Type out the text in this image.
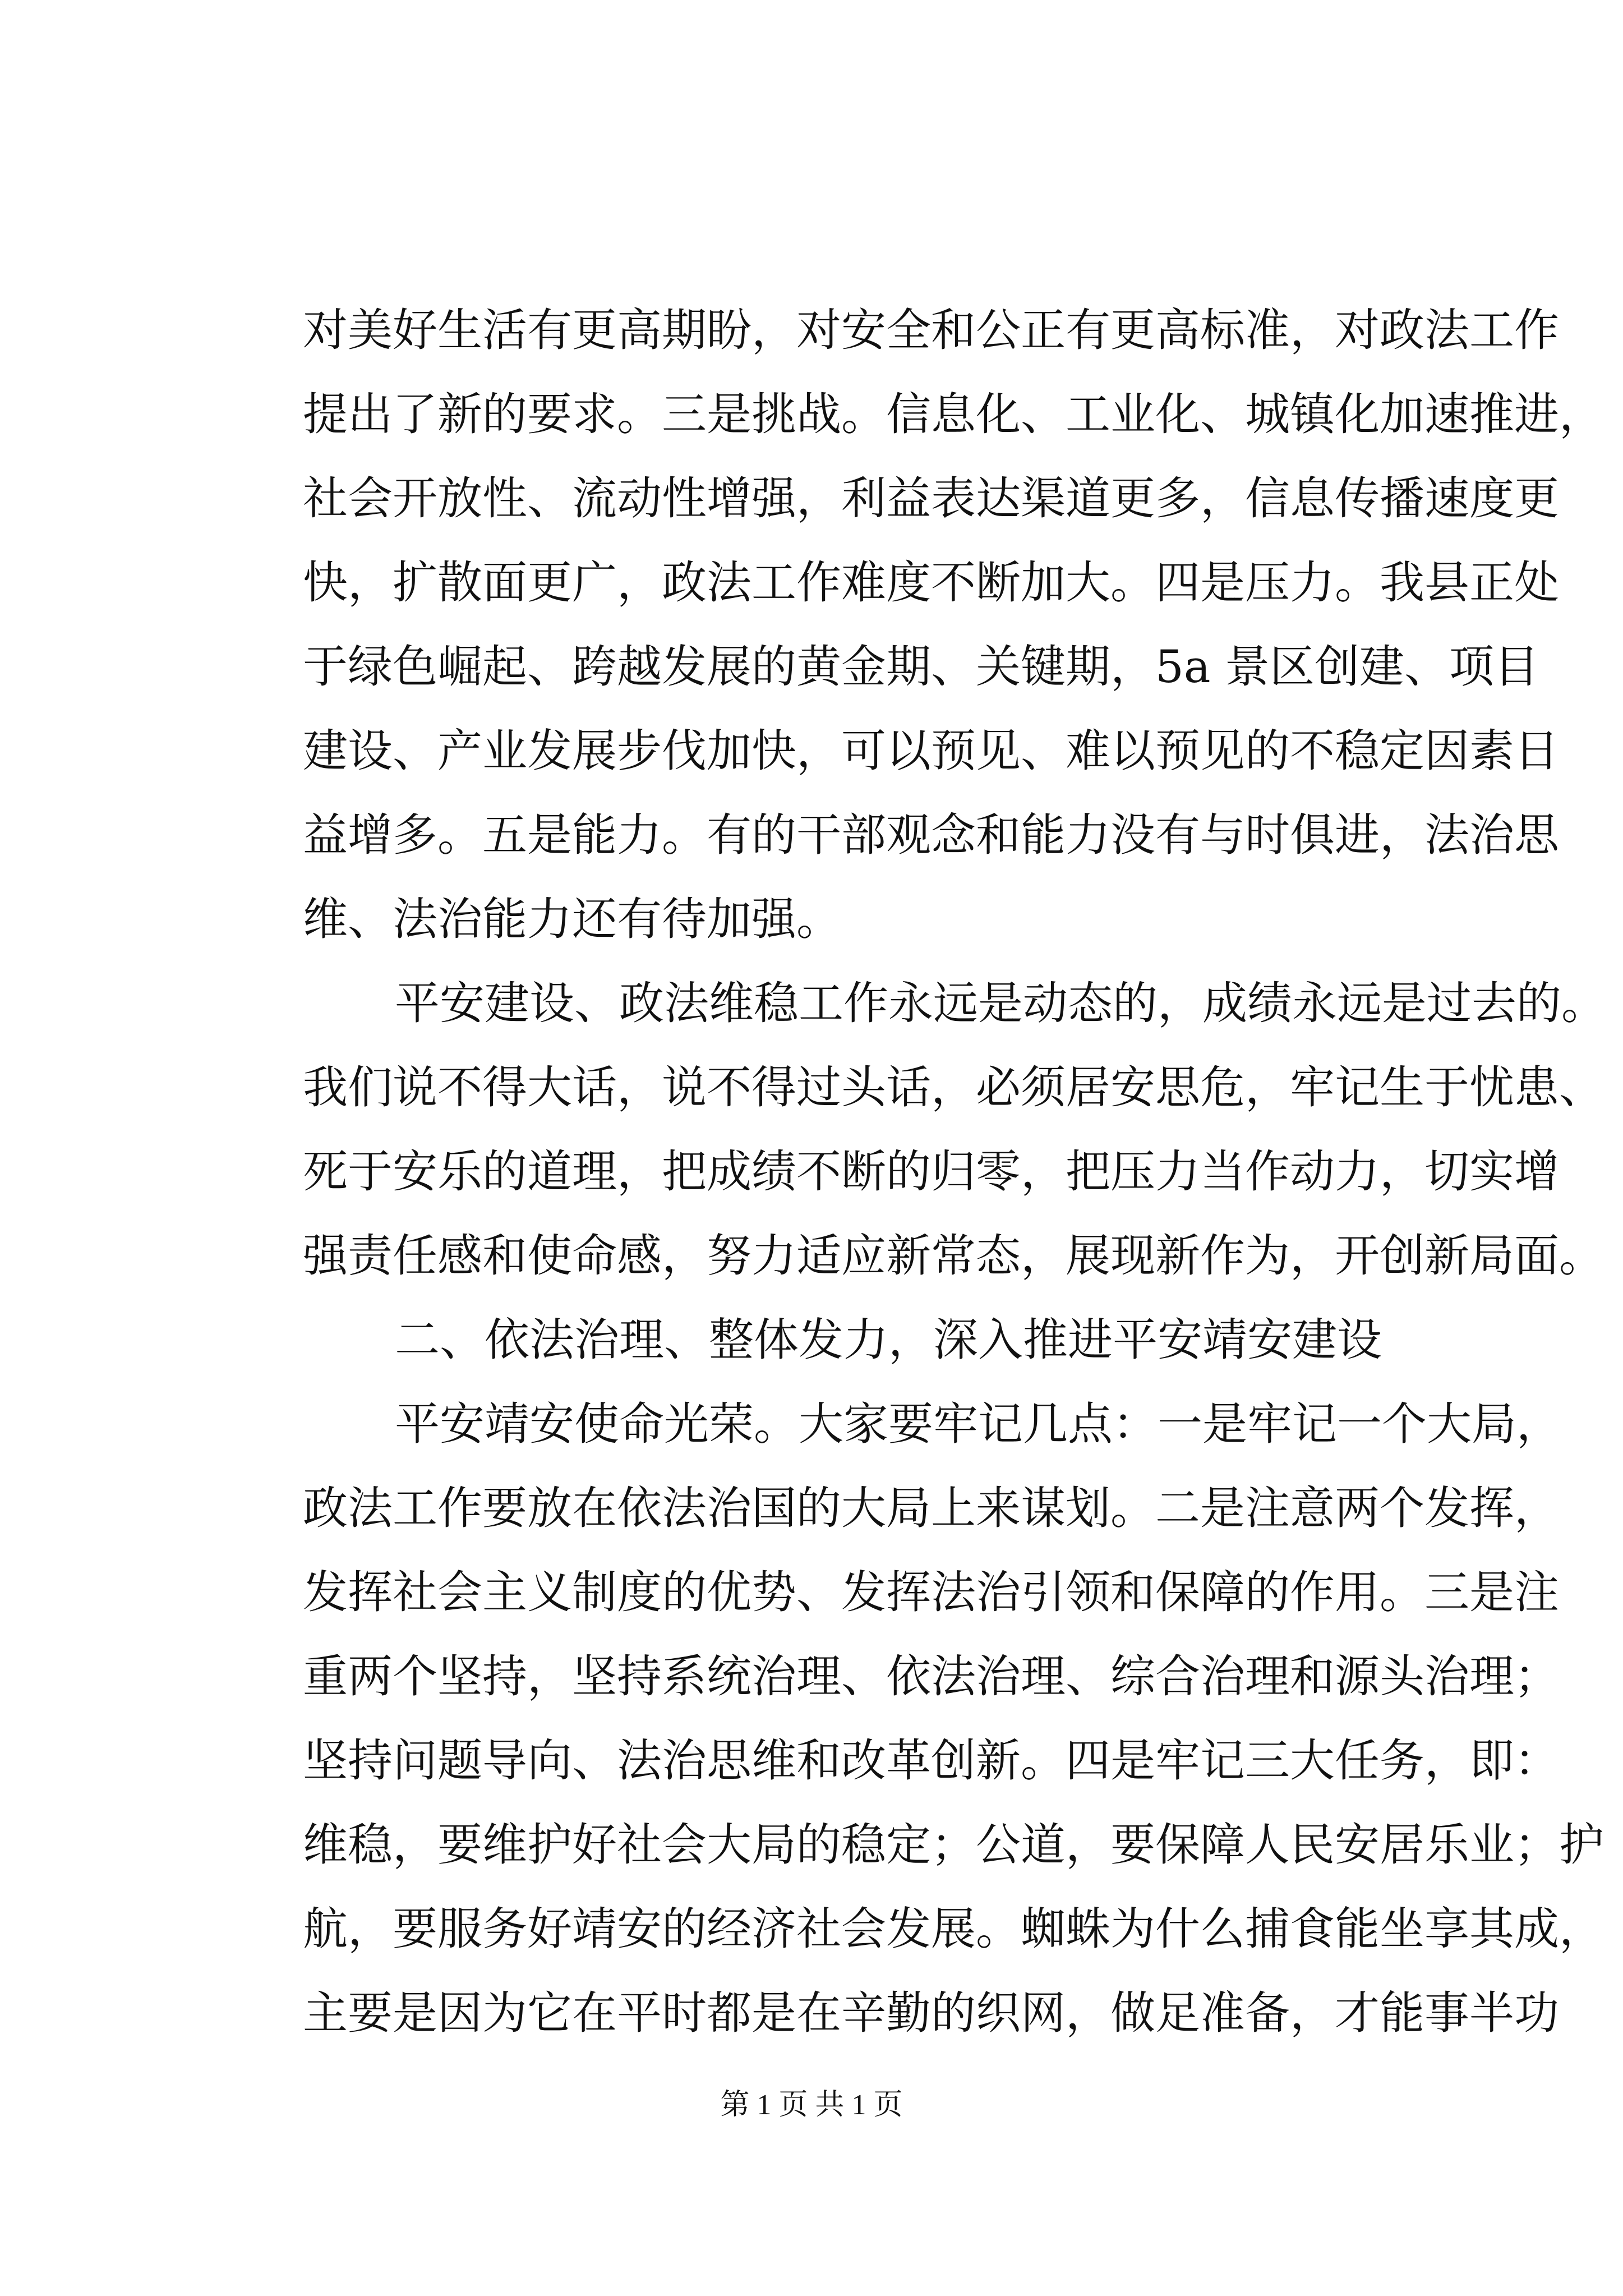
对美好生活有更高期盼，对安全和公正有更高标准，对政法工作
提出了新的要求。三是挑战。信息化、工业化、城镇化加速推进，
社会开放性、流动性增强，利益表达渠道更多，信息传播速度更
快，扩散面更广，政法工作难度不断加大。四是压力。我县正处
于绿色崛起、跨越发展的黄金期、关键期，5a 景区创建、项目
建设、产业发展步伐加快，可以预见、难以预见的不稳定因素日
益增多。五是能力。有的干部观念和能力没有与时俱进，法治思
维、法治能力还有待加强。
平安建设、政法维稳工作永远是动态的，成绩永远是过去的。
我们说不得大话，说不得过头话，必须居安思危，牢记生于忧患、
死于安乐的道理，把成绩不断的归零，把压力当作动力，切实增
强责任感和使命感，努力适应新常态，展现新作为，开创新局面。
二、依法治理、整体发力，深入推进平安靖安建设
平安靖安使命光荣。大家要牢记几点：一是牢记一个大局，
政法工作要放在依法治国的大局上来谋划。二是注意两个发挥，
发挥社会主义制度的优势、发挥法治引领和保障的作用。三是注
重两个坚持，坚持系统治理、依法治理、综合治理和源头治理；
坚持问题导向、法治思维和改革创新。四是牢记三大任务，即：
维稳，要维护好社会大局的稳定；公道，要保障人民安居乐业；护
航，要服务好靖安的经济社会发展。蜘蛛为什么捕食能坐享其成，
主要是因为它在平时都是在辛勤的织网，做足准备，才能事半功
第 1 页 共 1 页
